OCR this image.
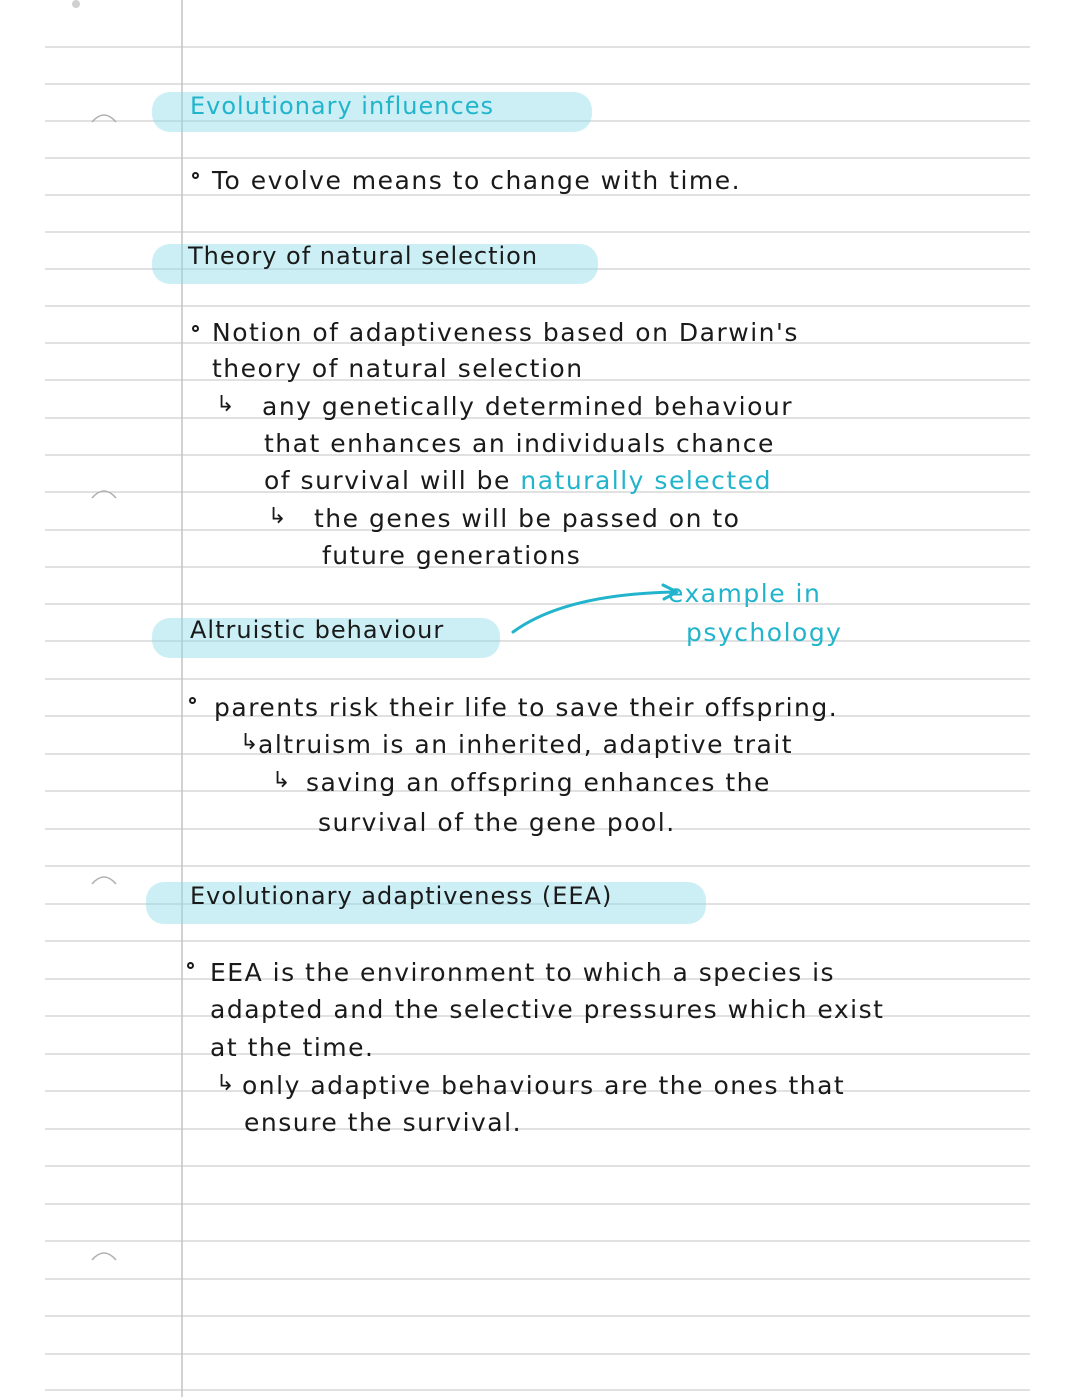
Evolutionary influences
To evolve means to change with time.
Theory of natural selection
Notion of adaptiveness based on Darwin's
theory of natural selection
↳ any genetically determined behaviour
that enhances an individuals chance
of survival will be naturally selected
↳ the genes will be passed on to
future generations
Altruistic behaviour
example in
psychology
parents risk their life to save their offspring.
↳ altruism is an inherited, adaptive trait
↳ saving an offspring enhances the
survival of the gene pool.
Evolutionary adaptiveness (EEA)
EEA is the environment to which a species is
adapted and the selective pressures which exist
at the time.
↳ only adaptive behaviours are the ones that
ensure the survival.
